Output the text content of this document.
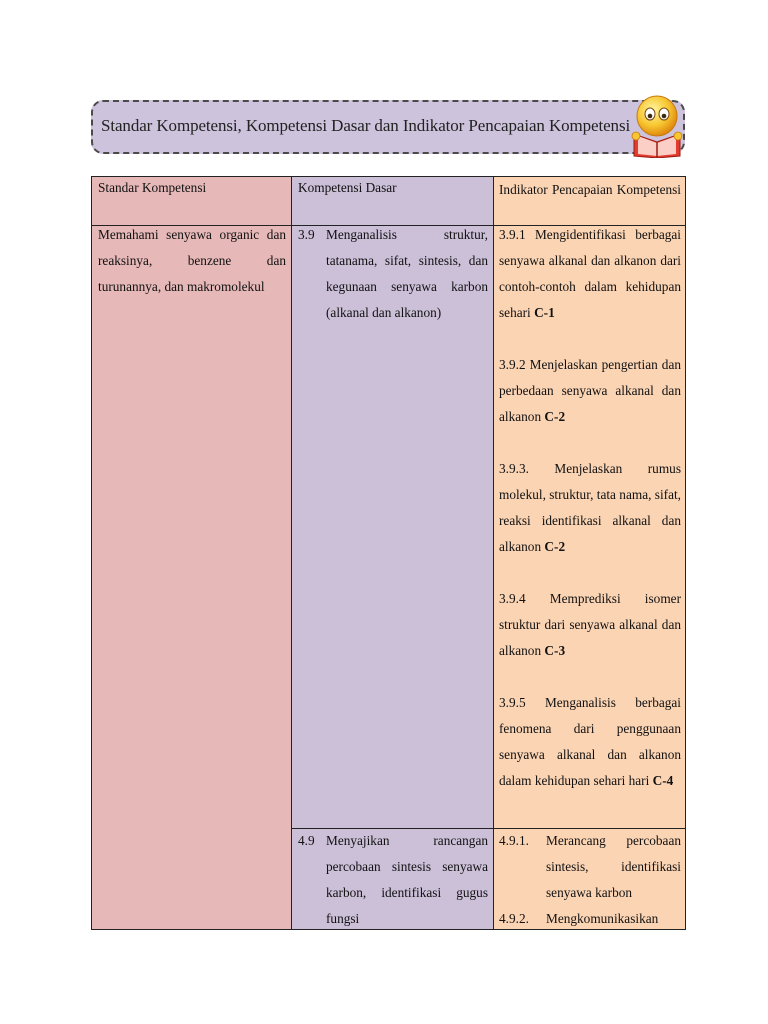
Standar Kompetensi, Kompetensi Dasar dan Indikator Pencapaian Kompetensi
Standar Kompetensi	Kompetensi Dasar	Indikator Pencapaian Kompetensi
Memahami senyawa organic dan reaksinya, benzene dan turunannya, dan makromolekul
3.9 Menganalisis struktur, tatanama, sifat, sintesis, dan kegunaan senyawa karbon (alkanal dan alkanon)
4.9 Menyajikan rancangan percobaan sintesis senyawa karbon, identifikasi gugus fungsi
3.9.1 Mengidentifikasi berbagai senyawa alkanal dan alkanon dari contoh-contoh dalam kehidupan sehari C-1
3.9.2 Menjelaskan pengertian dan perbedaan senyawa alkanal dan alkanon C-2
3.9.3. Menjelaskan rumus molekul, struktur, tata nama, sifat, reaksi identifikasi alkanal dan alkanon C-2
3.9.4 Memprediksi isomer struktur dari senyawa alkanal dan alkanon C-3
3.9.5 Menganalisis berbagai fenomena dari penggunaan senyawa alkanal dan alkanon dalam kehidupan sehari hari C-4
4.9.1. Merancang percobaan sintesis, identifikasi senyawa karbon
4.9.2. Mengkomunikasikan
